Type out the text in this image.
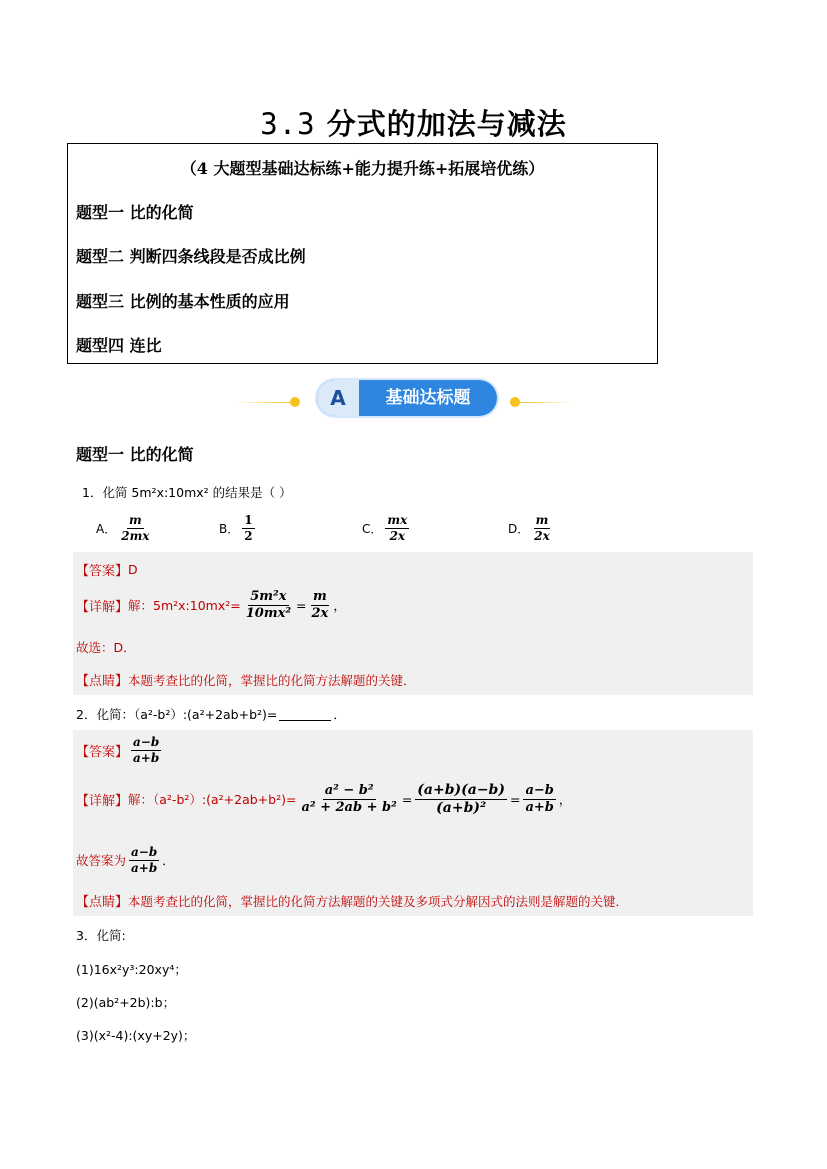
3.3 分式的加法与减法
（4 大题型基础达标练+能力提升练+拓展培优练）
题型一 比的化简
题型二 判断四条线段是否成比例
题型三 比例的基本性质的应用
题型四 连比
A	基础达标题
题型一 比的化简
1．化简 5m²x:10mx² 的结果是（ ）
A． $\frac{m}{2mx}$	B． $\frac{1}{2}$	C． $\frac{mx}{2x}$	D． $\frac{m}{2x}$
【答案】 D
【详解】 解：5m²x:10mx²= $\frac{\text{5m²x}}{\text{10mx²}} = \frac{m}{2x}$ ，
故选：D．
【点睛】 本题考查比的化简，掌握比的化简方法解题的关键．
2．化简：（a²-b²）:(a²+2ab+b²)=	．
【答案】 $\frac{a-b}{a+b}$
【详解】 解：（a²-b²）:(a²+2ab+b²)= $\frac{\text{a² − b²}}{\text{a² + 2ab + b²}} = \frac{(a+b)(a-b)}{\text{(a+b)²}} = \frac{a-b}{a+b}$ ，
故答案为 $\frac{a-b}{a+b}$ ．
【点睛】 本题考查比的化简，掌握比的化简方法解题的关键及多项式分解因式的法则是解题的关键．
3．化简:
(1)16x²y³:20xy⁴；
(2)(ab²+2b):b；
(3)(x²-4):(xy+2y)；
